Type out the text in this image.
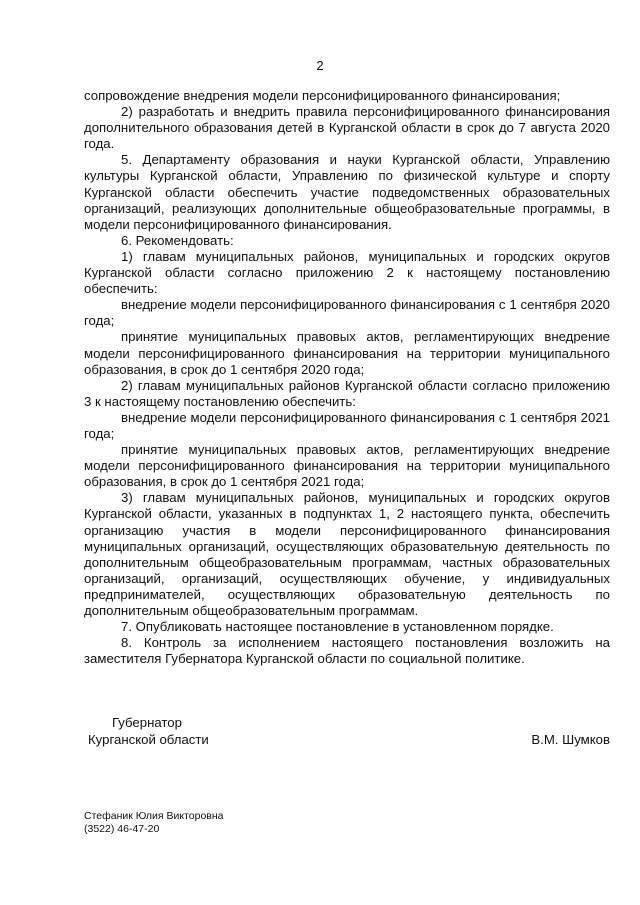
2

сопровождение внедрения модели персонифицированного финансирования;

2) разработать и внедрить правила персонифицированного финансирования дополнительного образования детей в Курганской области в срок до 7 августа 2020 года.

5. Департаменту образования и науки Курганской области, Управлению культуры Курганской области, Управлению по физической культуре и спорту Курганской области обеспечить участие подведомственных образовательных организаций, реализующих дополнительные общеобразовательные программы, в модели персонифицированного финансирования.

6. Рекомендовать:

1) главам муниципальных районов, муниципальных и городских округов Курганской области согласно приложению 2 к настоящему постановлению обеспечить:

внедрение модели персонифицированного финансирования с 1 сентября 2020 года;

принятие муниципальных правовых актов, регламентирующих внедрение модели персонифицированного финансирования на территории муниципального образования, в срок до 1 сентября 2020 года;

2) главам муниципальных районов Курганской области согласно приложению 3 к настоящему постановлению обеспечить:

внедрение модели персонифицированного финансирования с 1 сентября 2021 года;

принятие муниципальных правовых актов, регламентирующих внедрение модели персонифицированного финансирования на территории муниципального образования, в срок до 1 сентября 2021 года;

3) главам муниципальных районов, муниципальных и городских округов Курганской области, указанных в подпунктах 1, 2 настоящего пункта, обеспечить организацию участия в модели персонифицированного финансирования муниципальных организаций, осуществляющих образовательную деятельность по дополнительным общеобразовательным программам, частных образовательных организаций, организаций, осуществляющих обучение, у индивидуальных предпринимателей, осуществляющих образовательную деятельность по дополнительным общеобразовательным программам.

7. Опубликовать настоящее постановление в установленном порядке.

8. Контроль за исполнением настоящего постановления возложить на заместителя Губернатора Курганской области по социальной политике.

Губернатор
Курганской области	В.М. Шумков
Стефаник Юлия Викторовна
(3522) 46-47-20
